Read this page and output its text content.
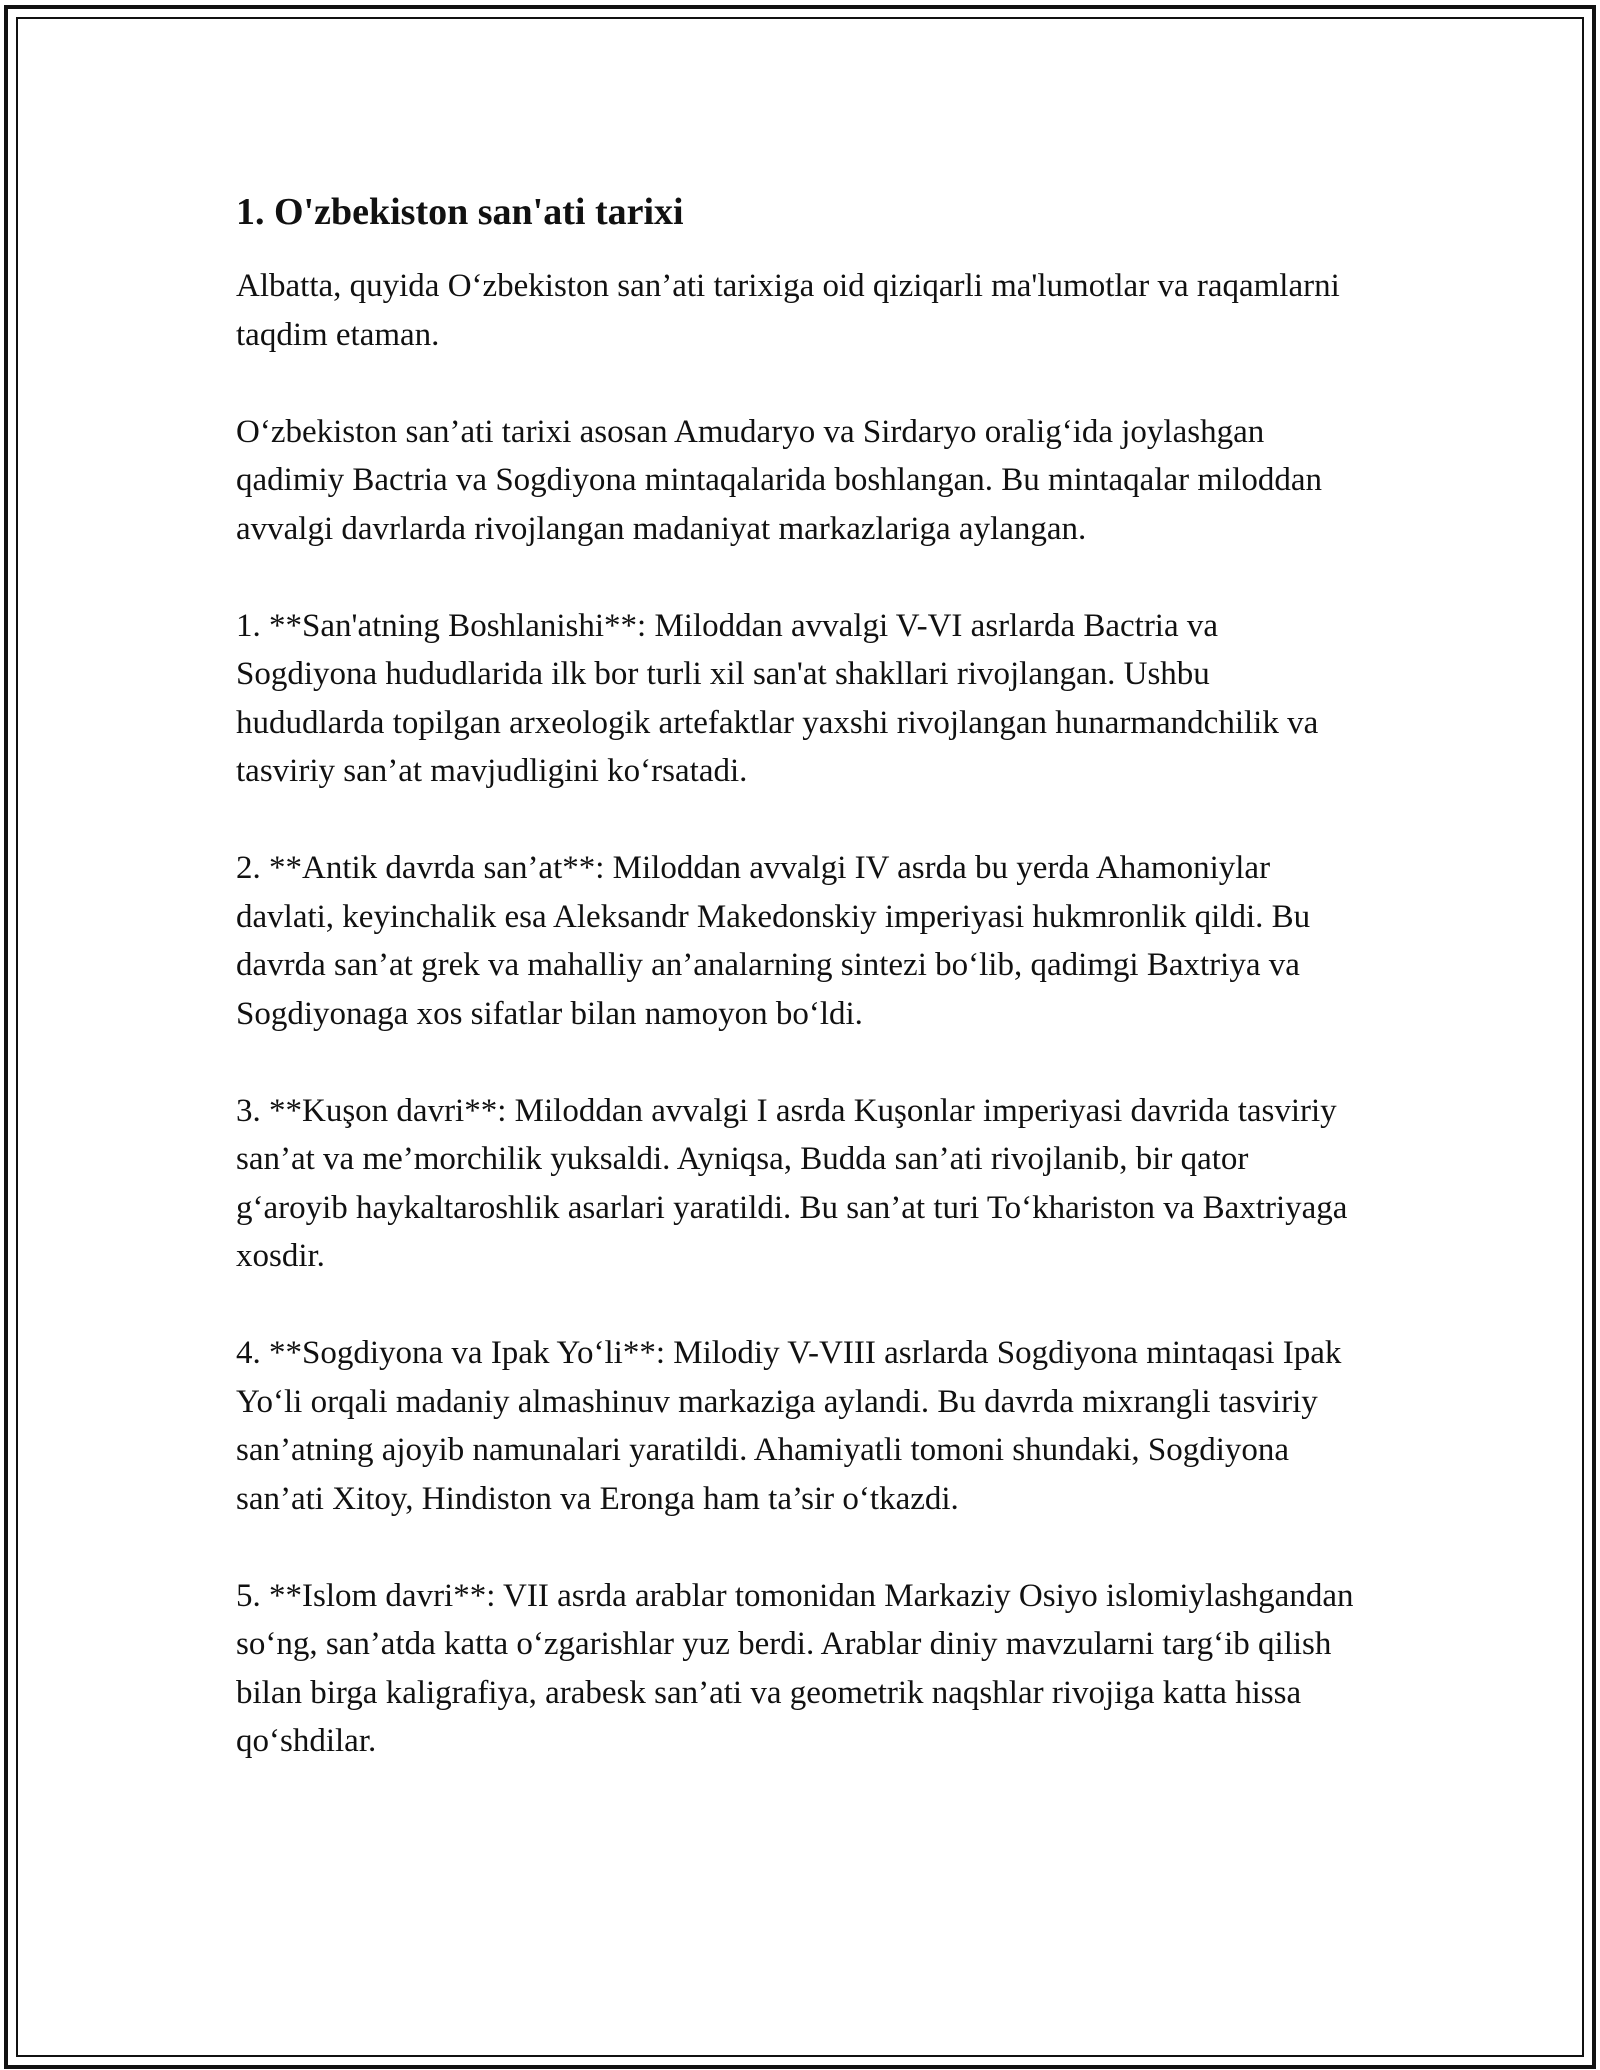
1. O'zbekiston san'ati tarixi

Albatta, quyida O‘zbekiston san’ati tarixiga oid qiziqarli ma'lumotlar va raqamlarni taqdim etaman.

O‘zbekiston san’ati tarixi asosan Amudaryo va Sirdaryo oralig‘ida joylashgan qadimiy Bactria va Sogdiyona mintaqalarida boshlangan. Bu mintaqalar miloddan avvalgi davrlarda rivojlangan madaniyat markazlariga aylangan.

1. **San'atning Boshlanishi**: Miloddan avvalgi V-VI asrlarda Bactria va Sogdiyona hududlarida ilk bor turli xil san'at shakllari rivojlangan. Ushbu hududlarda topilgan arxeologik artefaktlar yaxshi rivojlangan hunarmandchilik va tasviriy san’at mavjudligini ko‘rsatadi.

2. **Antik davrda san’at**: Miloddan avvalgi IV asrda bu yerda Ahamoniylar davlati, keyinchalik esa Aleksandr Makedonskiy imperiyasi hukmronlik qildi. Bu davrda san’at grek va mahalliy an’analarning sintezi bo‘lib, qadimgi Baxtriya va Sogdiyonaga xos sifatlar bilan namoyon bo‘ldi.

3. **Kuşon davri**: Miloddan avvalgi I asrda Kuşonlar imperiyasi davrida tasviriy san’at va me’morchilik yuksaldi. Ayniqsa, Budda san’ati rivojlanib, bir qator g‘aroyib haykaltaroshlik asarlari yaratildi. Bu san’at turi To‘khariston va Baxtriyaga xosdir.

4. **Sogdiyona va Ipak Yo‘li**: Milodiy V-VIII asrlarda Sogdiyona mintaqasi Ipak Yo‘li orqali madaniy almashinuv markaziga aylandi. Bu davrda mixrangli tasviriy san’atning ajoyib namunalari yaratildi. Ahamiyatli tomoni shundaki, Sogdiyona san’ati Xitoy, Hindiston va Eronga ham ta’sir o‘tkazdi.

5. **Islom davri**: VII asrda arablar tomonidan Markaziy Osiyo islomiylashgandan so‘ng, san’atda katta o‘zgarishlar yuz berdi. Arablar diniy mavzularni targ‘ib qilish bilan birga kaligrafiya, arabesk san’ati va geometrik naqshlar rivojiga katta hissa qo‘shdilar.
